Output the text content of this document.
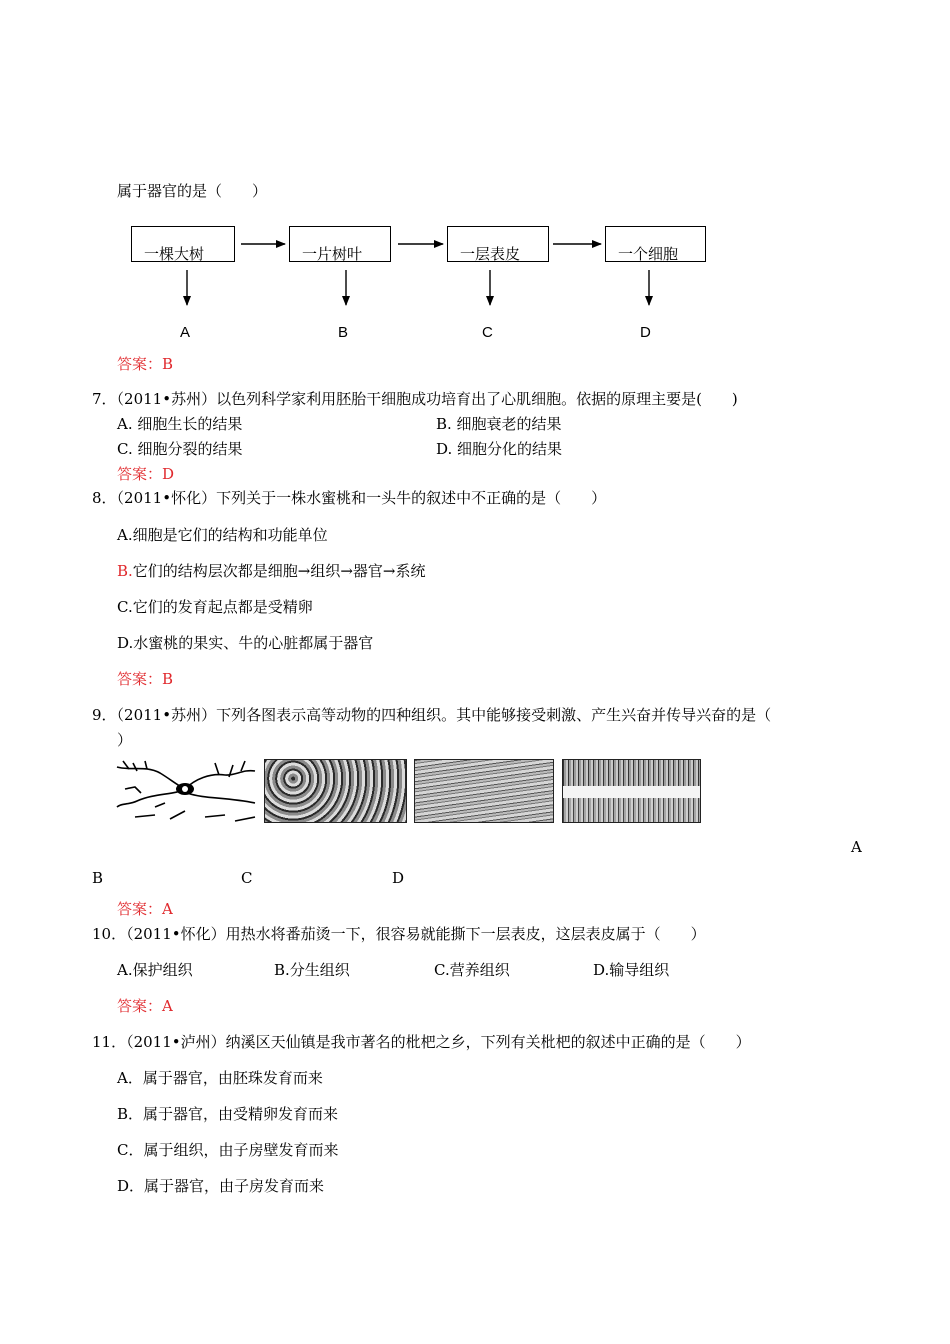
属于器官的是（　　）
一棵大树	一片树叶	一层表皮	一个细胞
A	B	C	D
答案：B
7．（2011•苏州）以色列科学家利用胚胎干细胞成功培育出了心肌细胞。依据的原理主要是(　　)
A. 细胞生长的结果	B. 细胞衰老的结果
C. 细胞分裂的结果	D. 细胞分化的结果
答案：D
8．（2011•怀化）下列关于一株水蜜桃和一头牛的叙述中不正确的是（　　）
A.细胞是它们的结构和功能单位
B.它们的结构层次都是细胞→组织→器官→系统
C.它们的发育起点都是受精卵
D.水蜜桃的果实、牛的心脏都属于器官
答案：B
9．（2011•苏州）下列各图表示高等动物的四种组织。其中能够接受刺激、产生兴奋并传导兴奋的是（
）
A
B	C	D
答案：A
10．（2011•怀化）用热水将番茄烫一下，很容易就能撕下一层表皮，这层表皮属于（　　）
A.保护组织	B.分生组织	C.营养组织	D.输导组织
答案：A
11．（2011•泸州）纳溪区天仙镇是我市著名的枇杷之乡，下列有关枇杷的叙述中正确的是（　　）
A．属于器官，由胚珠发育而来
B．属于器官，由受精卵发育而来
C．属于组织，由子房壁发育而来
D．属于器官，由子房发育而来
